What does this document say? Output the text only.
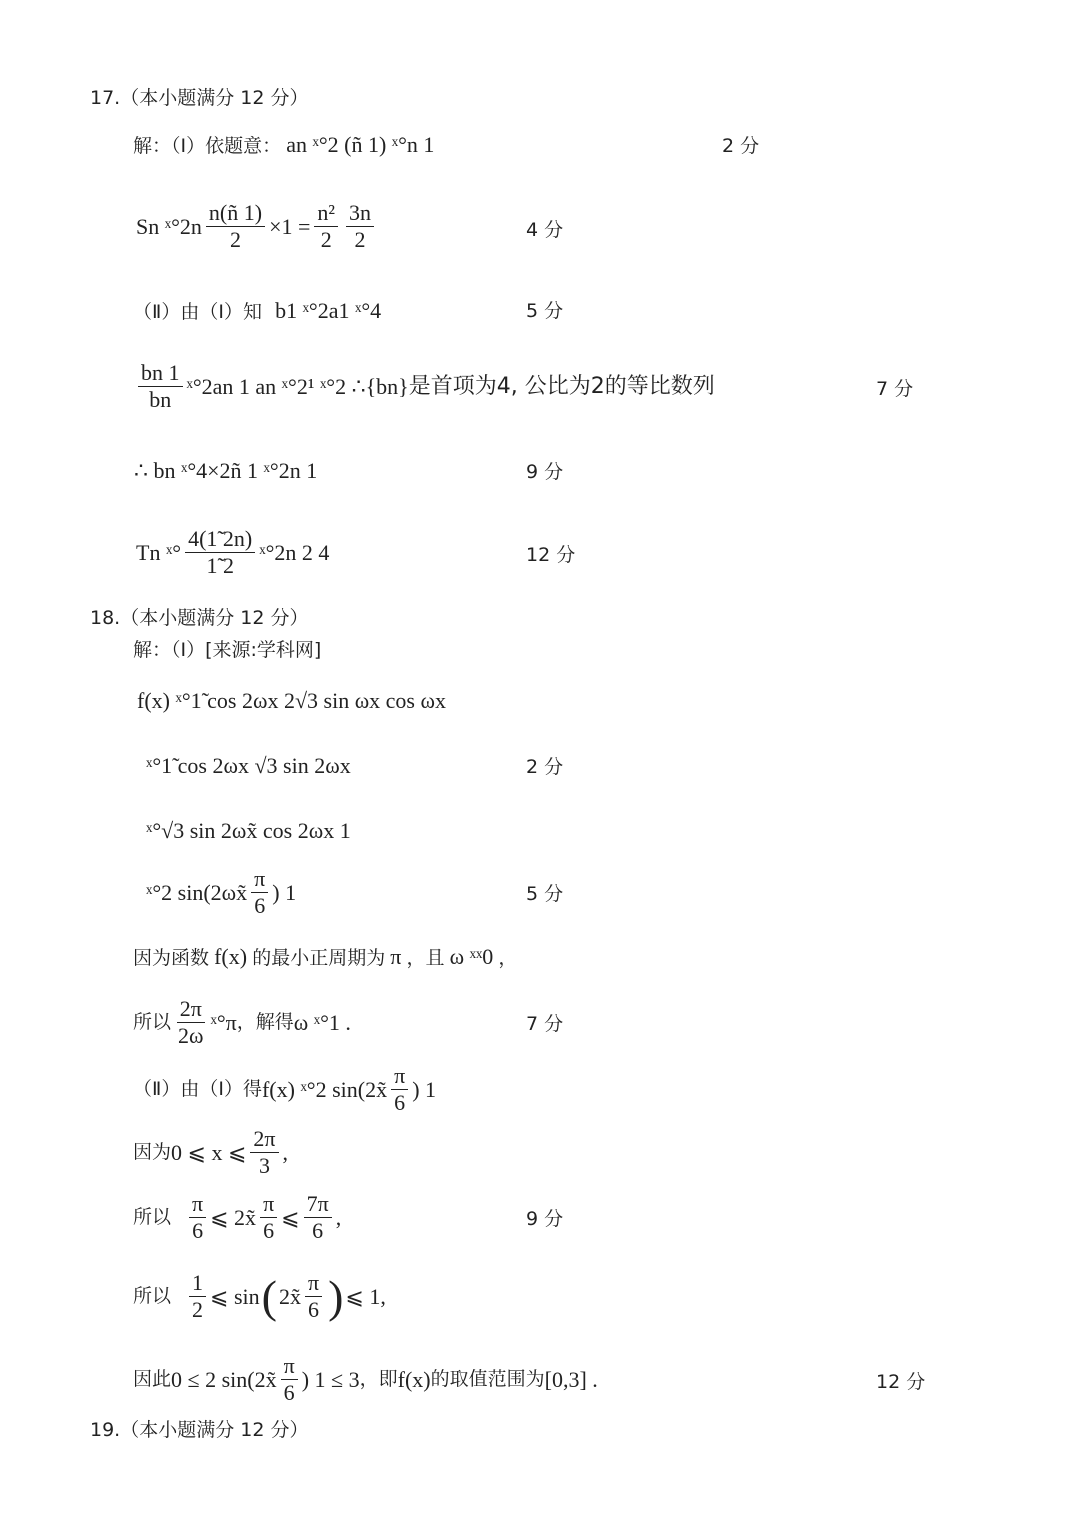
17.（本小题满分 12 分）
解：（Ⅰ）依题意： an ˣ°2 (ñ 1) ˣ°n 1	2 分
Sn ˣ°2n $\frac{n(ñ 1)}{2} \times 1 = \frac{\text{n²}}{2} \frac{3n}{2}$	4 分
（Ⅱ）由（Ⅰ）知 b1 ˣ°2a1 ˣ°4	5 分
$\frac{bn 1}{bn}$ ˣ°2an 1 an ˣ°2¹ ˣ°2 ∴{bn} 是首项为4, 公比为2的等比数列	7 分
∴ bn ˣ°4×2ñ 1 ˣ°2n 1	9 分
Tn ˣ° $\frac{4(1̃ 2n)}{1̃ 2}$ ˣ°2n 2 4	12 分
18.（本小题满分 12 分）
解：（Ⅰ）[来源:学科网]
f(x) ˣ°1̃ cos 2ωx 2√3 sin ωx cos ωx
ˣ°1̃ cos 2ωx √3 sin 2ωx	2 分
ˣ°√3 sin 2ωx̃ cos 2ωx 1
ˣ°2 sin(2ωx̃ $\frac{\pi}{6}$ ) 1	5 分
因为函数 f(x) 的最小正周期为 π ，且 ω ˣˣ0 ，
所以 $\frac{2\pi}{2\omega}$ ˣ°π ，解得 ω ˣ°1 .	7 分
（Ⅱ）由（Ⅰ）得 f(x) ˣ°2 sin(2x̃ $\frac{\pi}{6}$ ) 1
因为 0 ⩽ x ⩽ $\frac{2\pi}{3}$ ,
所以 $\frac{\pi}{6}$ ⩽ 2x̃ $\frac{\pi}{6}$ ⩽ $\frac{7\pi}{6}$ ,	9 分
所以 $\frac{1}{2}$ ⩽ sin ( 2x̃ $\frac{\pi}{6}$ ) ⩽ 1,
因此 0 ≤ 2 sin(2x̃ $\frac{\pi}{6}$ ) 1 ≤ 3 ，即 f(x) 的取值范围为 [0,3] .	12 分
19.（本小题满分 12 分）
